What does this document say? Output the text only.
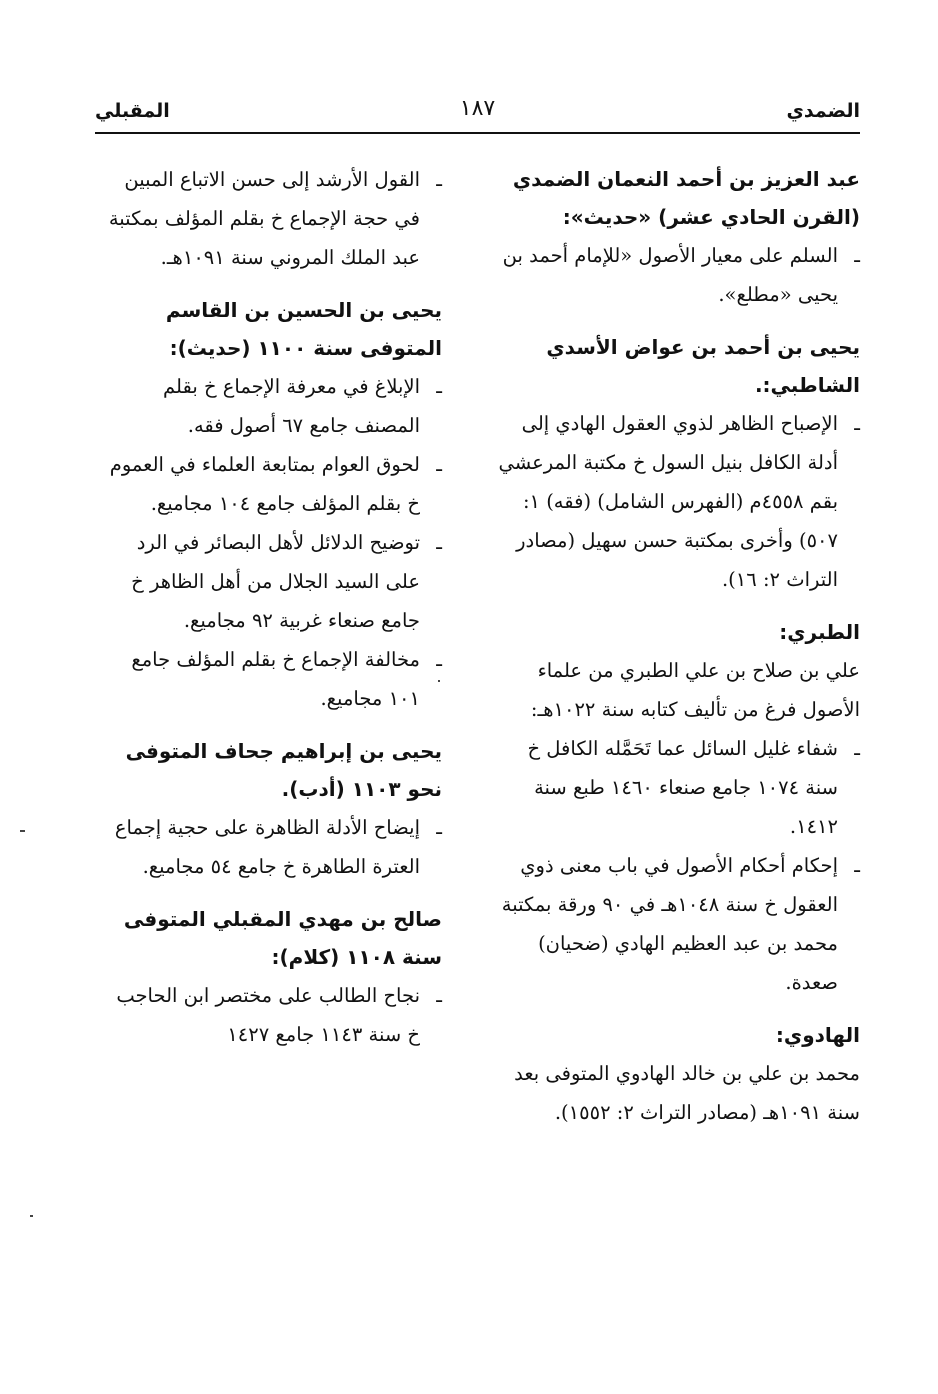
الضمدي
١٨٧
المقبلي

عبد العزيز بن أحمد النعمان الضمدي (القرن الحادي عشر) «حديث»:

ـ
السلم على معيار الأصول «للإمام أحمد بن يحيى «مطلع».

يحيى بن أحمد بن عواض الأسدي الشاطبي:.

ـ
الإصباح الظاهر لذوي العقول الهادي إلى أدلة الكافل بنيل السول خ مكتبة المرعشي بقم ٤٥٥٨م (الفهرس الشامل) (فقه) ١: ٥٠٧) وأخرى بمكتبة حسن سهيل (مصادر التراث ٢: ١٦).

الطبري:

علي بن صلاح بن علي الطبري من علماء الأصول فرغ من تأليف كتابه سنة ١٠٢٢هـ:

ـ
شفاء غليل السائل عما تَحَمَّله الكافل خ سنة ١٠٧٤ جامع صنعاء ١٤٦٠ طبع سنة ١٤١٢.

ـ
إحكام أحكام الأصول في باب معنى ذوي العقول خ سنة ١٠٤٨هـ في ٩٠ ورقة بمكتبة محمد بن عبد العظيم الهادي (ضحيان) صعدة.

الهادوي:

محمد بن علي بن خالد الهادوي المتوفى بعد سنة ١٠٩١هـ (مصادر التراث ٢: ١٥٥٢).

ـ
القول الأرشد إلى حسن الاتباع المبين في حجة الإجماع خ بقلم المؤلف بمكتبة عبد الملك المروني سنة ١٠٩١هـ.

يحيى بن الحسين بن القاسم المتوفى سنة ١١٠٠ (حديث):

ـ
الإبلاغ في معرفة الإجماع خ بقلم المصنف جامع ٦٧ أصول فقه.

ـ
لحوق العوام بمتابعة العلماء في العموم خ بقلم المؤلف جامع ١٠٤ مجاميع.

ـ
توضيح الدلائل لأهل البصائر في الرد على السيد الجلال من أهل الظاهر خ جامع صنعاء غربية ٩٢ مجاميع.

ـ
مخالفة الإجماع خ بقلم المؤلف جامع ١٠١ مجاميع.

يحيى بن إبراهيم جحاف المتوفى نحو ١١٠٣ (أدب).

ـ
إيضاح الأدلة الظاهرة على حجية إجماع العترة الطاهرة خ جامع ٥٤ مجاميع.

صالح بن مهدي المقبلي المتوفى سنة ١١٠٨ (كلام):

ـ
نجاح الطالب على مختصر ابن الحاجب خ سنة ١١٤٣ جامع ١٤٢٧
